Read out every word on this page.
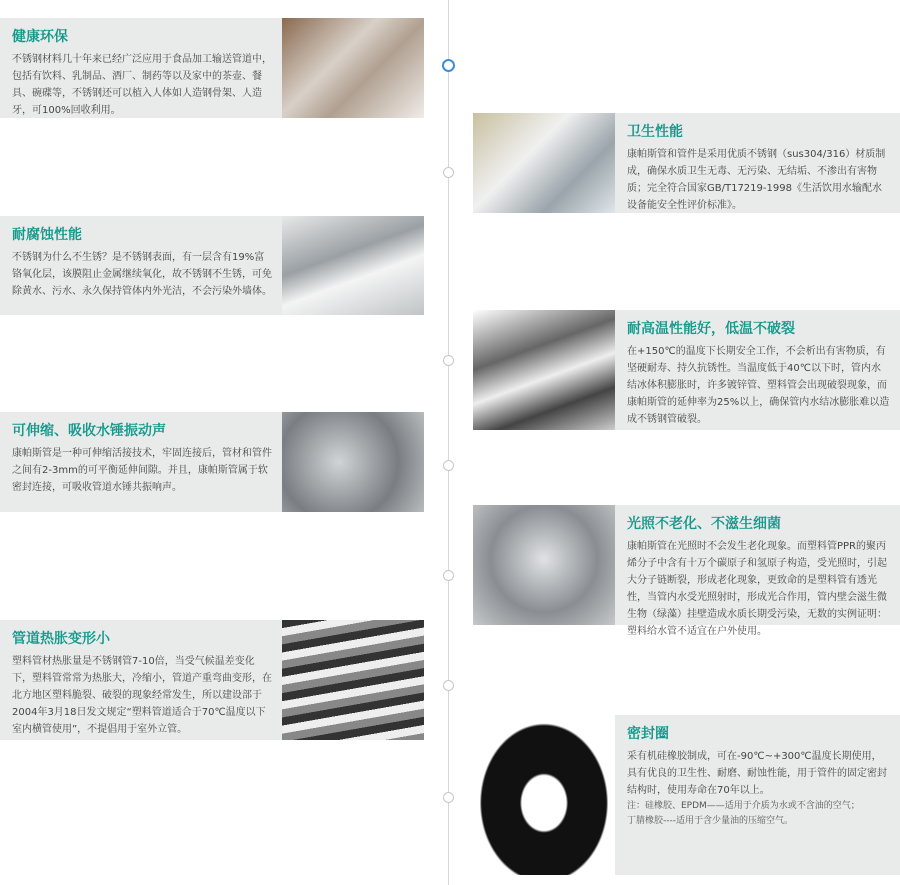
健康环保

不锈钢材料几十年来已经广泛应用于食品加工输送管道中，包括有饮料、乳制品、酒厂、制药等以及家中的茶壶、餐具、碗碟等，不锈钢还可以植入人体如人造钢骨架、人造牙，可100%回收利用。

耐腐蚀性能

不锈钢为什么不生锈？是不锈钢表面，有一层含有19%富铬氧化层，该膜阻止金属继续氧化，故不锈钢不生锈，可免除黄水、污水、永久保持管体内外光洁，不会污染外墙体。

可伸缩、吸收水锤振动声

康帕斯管是一种可伸缩活接技术，牢固连接后，管材和管件之间有2-3mm的可平衡延伸间隙。并且，康帕斯管属于软密封连接，可吸收管道水锤共振响声。

管道热胀变形小

塑料管材热胀量是不锈钢管7-10倍，当受气候温差变化下，塑料管常常为热胀大，冷缩小，管道产重弯曲变形，在北方地区塑料脆裂、破裂的现象经常发生，所以建设部于2004年3月18日发文规定“塑料管道适合于70℃温度以下室内横管使用”，不提倡用于室外立管。

卫生性能

康帕斯管和管件是采用优质不锈钢（sus304/316）材质制成，确保水质卫生无毒、无污染、无结垢、不渗出有害物质；完全符合国家GB/T17219-1998《生活饮用水输配水设备能安全性评价标准》。

耐高温性能好，低温不破裂

在+150℃的温度下长期安全工作，不会析出有害物质，有坚硬耐寿、持久抗锈性。当温度低于40℃以下时，管内水结冰体积膨胀时，许多镀锌管、塑料管会出现破裂现象，而康帕斯管的延伸率为25%以上，确保管内水结冰膨胀难以造成不锈钢管破裂。

光照不老化、不滋生细菌

康帕斯管在光照时不会发生老化现象。而塑料管PPR的聚丙烯分子中含有十万个碳原子和氢原子构造，受光照时，引起大分子链断裂，形成老化现象，更致命的是塑料管有透光性，当管内水受光照射时，形成光合作用，管内壁会滋生微生物（绿藻）挂壁造成水质长期受污染，无数的实例证明：塑料给水管不适宜在户外使用。

密封圈

采有机硅橡胶制成，可在-90℃~+300℃温度长期使用，具有优良的卫生性、耐磨、耐蚀性能，用于管件的固定密封结构时，使用寿命在70年以上。

注：硅橡胶、EPDM——适用于介质为水或不含油的空气；

丁腈橡胶----适用于含少量油的压缩空气。
